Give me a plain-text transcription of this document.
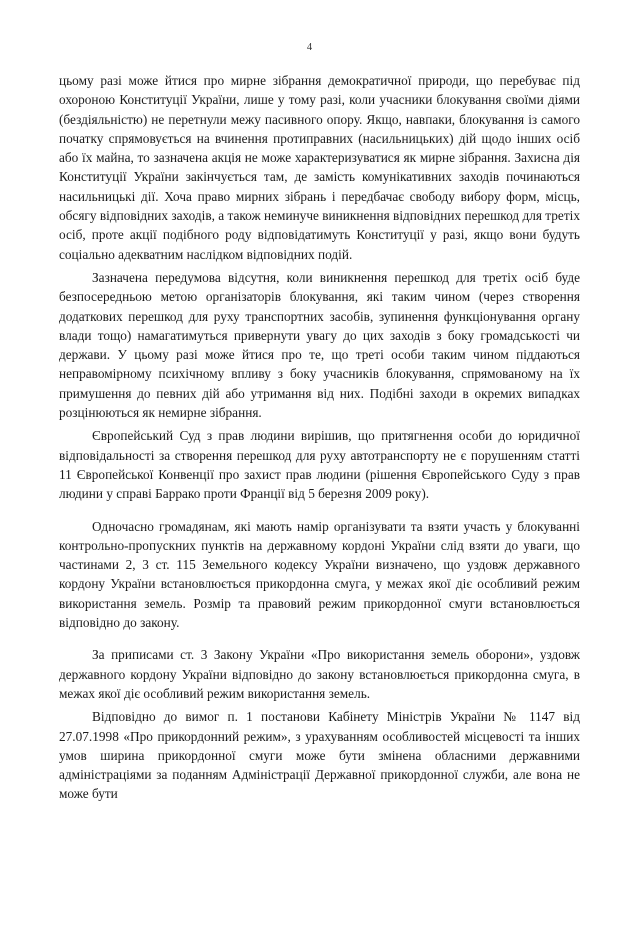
4

цьому разі може йтися про мирне зібрання демократичної природи, що перебуває під охороною Конституції України, лише у тому разі, коли учасники блокування своїми діями (бездіяльністю) не перетнули межу пасивного опору. Якщо, навпаки, блокування із самого початку спрямовується на вчинення протиправних (насильницьких) дій щодо інших осіб або їх майна, то зазначена акція не може характеризуватися як мирне зібрання. Захисна дія Конституції України закінчується там, де замість комунікативних заходів починаються насильницькі дії. Хоча право мирних зібрань і передбачає свободу вибору форм, місць, обсягу відповідних заходів, а також неминуче виникнення відповідних перешкод для третіх осіб, проте акції подібного роду відповідатимуть Конституції у разі, якщо вони будуть соціально адекватним наслідком відповідних подій.

Зазначена передумова відсутня, коли виникнення перешкод для третіх осіб буде безпосередньою метою організаторів блокування, які таким чином (через створення додаткових перешкод для руху транспортних засобів, зупинення функціонування органу влади тощо) намагатимуться привернути увагу до цих заходів з боку громадськості чи держави. У цьому разі може йтися про те, що треті особи таким чином піддаються неправомірному психічному впливу з боку учасників блокування, спрямованому на їх примушення до певних дій або утримання від них. Подібні заходи в окремих випадках розцінюються як немирне зібрання.

Європейський Суд з прав людини вирішив, що притягнення особи до юридичної відповідальності за створення перешкод для руху автотранспорту не є порушенням статті 11 Європейської Конвенції про захист прав людини (рішення Європейського Суду з прав людини у справі Баррако проти Франції від 5 березня 2009 року).

Одночасно громадянам, які мають намір організувати та взяти участь у блокуванні контрольно-пропускних пунктів на державному кордоні України слід взяти до уваги, що частинами 2, 3 ст. 115 Земельного кодексу України визначено, що уздовж державного кордону України встановлюється прикордонна смуга, у межах якої діє особливий режим використання земель. Розмір та правовий режим прикордонної смуги встановлюється відповідно до закону.

За приписами ст. 3 Закону України «Про використання земель оборони», уздовж державного кордону України відповідно до закону встановлюється прикордонна смуга, в межах якої діє особливий режим використання земель.

Відповідно до вимог п. 1 постанови Кабінету Міністрів України № 1147 від 27.07.1998 «Про прикордонний режим», з урахуванням особливостей місцевості та інших умов ширина прикордонної смуги може бути змінена обласними державними адміністраціями за поданням Адміністрації Державної прикордонної служби, але вона не може бути
